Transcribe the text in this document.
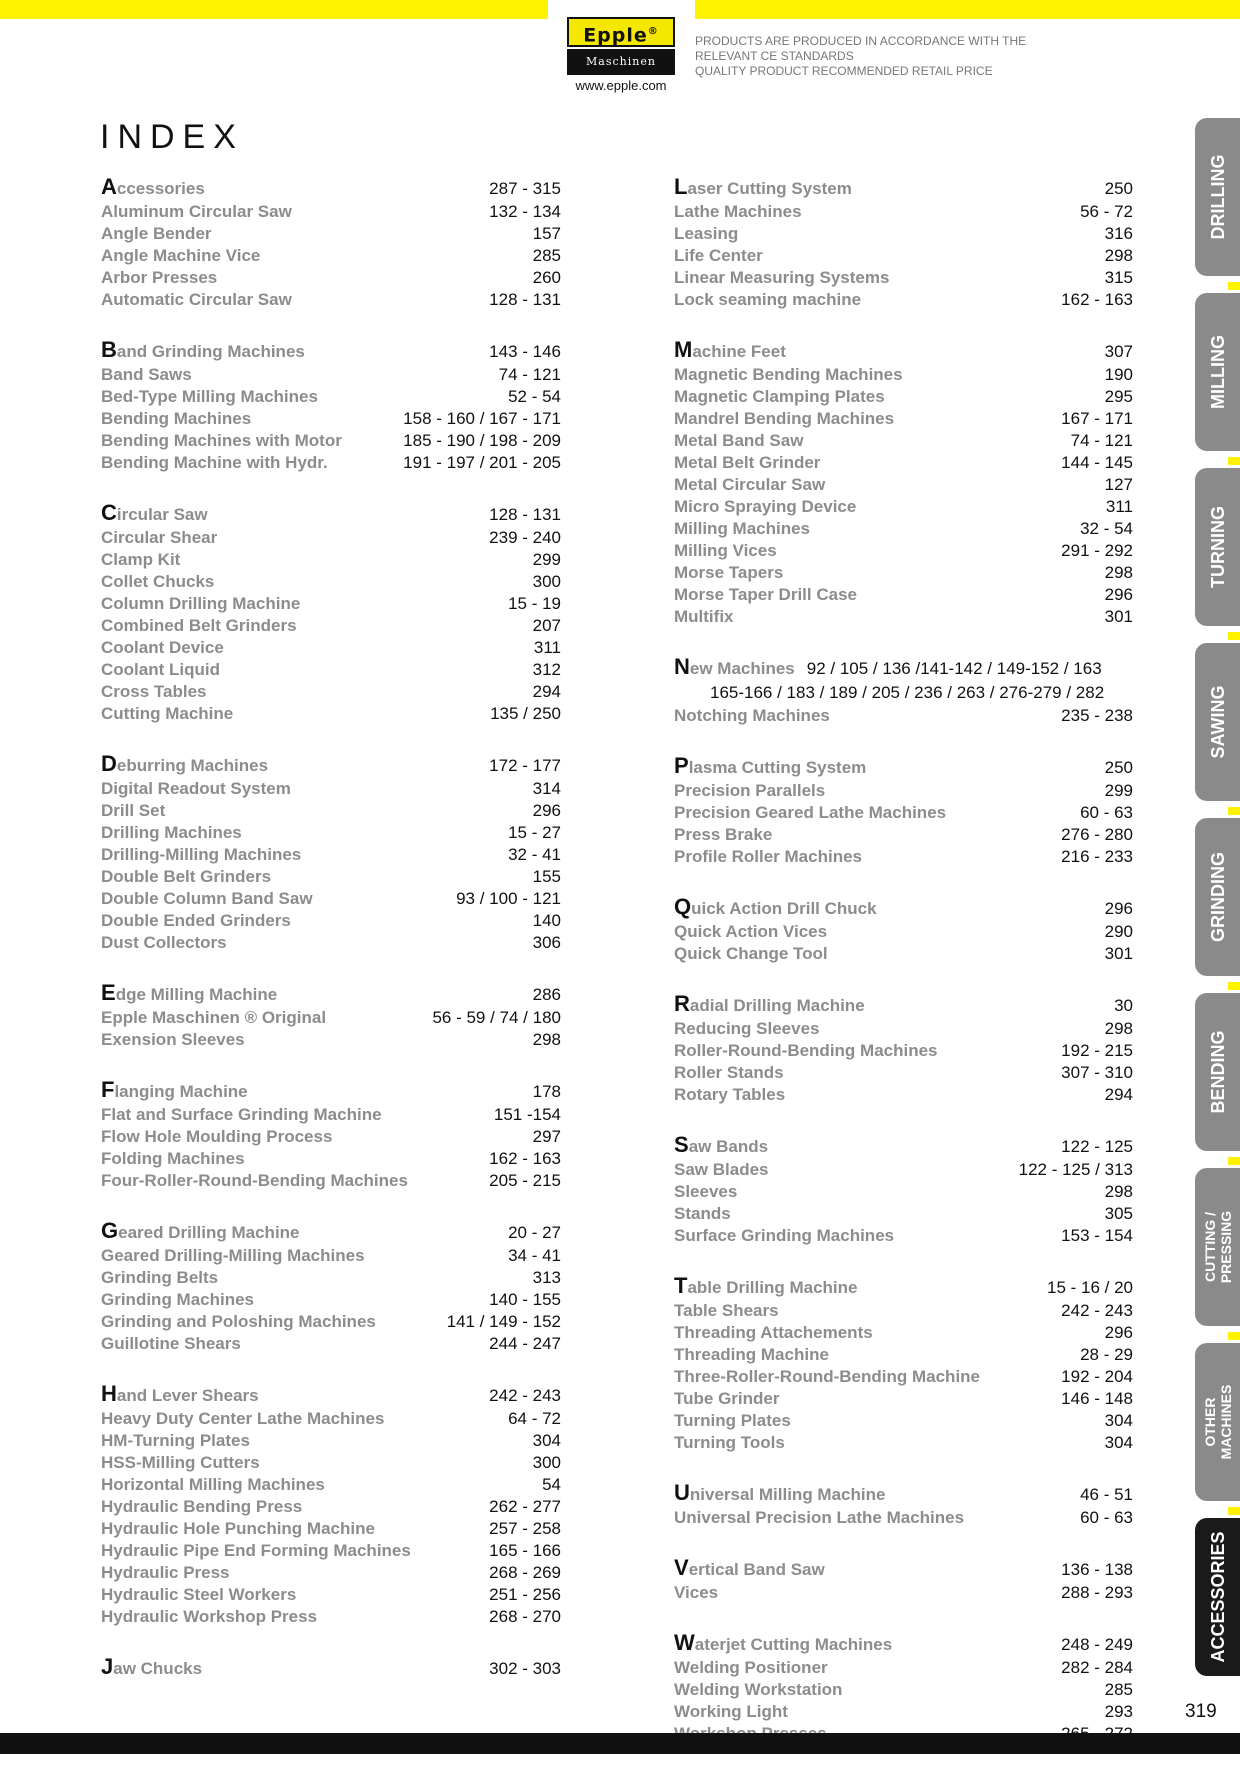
Epple®
Maschinen
www.epple.com
PRODUCTS ARE PRODUCED IN ACCORDANCE WITH THE
RELEVANT CE STANDARDS
QUALITY PRODUCT RECOMMENDED RETAIL PRICE
INDEX
Accessories	287 - 315
Aluminum Circular Saw	132 - 134
Angle Bender	157
Angle Machine Vice	285
Arbor Presses	260
Automatic Circular Saw	128 - 131
Band Grinding Machines	143 - 146
Band Saws	74 - 121
Bed-Type Milling Machines	52 - 54
Bending Machines	158 - 160 / 167 - 171
Bending Machines with Motor	185 - 190 / 198 - 209
Bending Machine with Hydr.	191 - 197 / 201 - 205
Circular Saw	128 - 131
Circular Shear	239 - 240
Clamp Kit	299
Collet Chucks	300
Column Drilling Machine	15 - 19
Combined Belt Grinders	207
Coolant Device	311
Coolant Liquid	312
Cross Tables	294
Cutting Machine	135 / 250
Deburring Machines	172 - 177
Digital Readout System	314
Drill Set	296
Drilling Machines	15 - 27
Drilling-Milling Machines	32 - 41
Double Belt Grinders	155
Double Column Band Saw	93 / 100 - 121
Double Ended Grinders	140
Dust Collectors	306
Edge Milling Machine	286
Epple Maschinen ® Original	56 - 59 / 74 / 180
Exension Sleeves	298
Flanging Machine	178
Flat and Surface Grinding Machine	151 -154
Flow Hole Moulding Process	297
Folding Machines	162 - 163
Four-Roller-Round-Bending Machines	205 - 215
Geared Drilling Machine	20 - 27
Geared Drilling-Milling Machines	34 - 41
Grinding Belts	313
Grinding Machines	140 - 155
Grinding and Poloshing Machines	141 / 149 - 152
Guillotine Shears	244 - 247
Hand Lever Shears	242 - 243
Heavy Duty Center Lathe Machines	64 - 72
HM-Turning Plates	304
HSS-Milling Cutters	300
Horizontal Milling Machines	54
Hydraulic Bending Press	262 - 277
Hydraulic Hole Punching Machine	257 - 258
Hydraulic Pipe End Forming Machines	165 - 166
Hydraulic Press	268 - 269
Hydraulic Steel Workers	251 - 256
Hydraulic Workshop Press	268 - 270
Jaw Chucks	302 - 303
Laser Cutting System	250
Lathe Machines	56 - 72
Leasing	316
Life Center	298
Linear Measuring Systems	315
Lock seaming machine	162 - 163
Machine Feet	307
Magnetic Bending Machines	190
Magnetic Clamping Plates	295
Mandrel Bending Machines	167 - 171
Metal Band Saw	74 - 121
Metal Belt Grinder	144 - 145
Metal Circular Saw	127
Micro Spraying Device	311
Milling Machines	32 - 54
Milling Vices	291 - 292
Morse Tapers	298
Morse Taper Drill Case	296
Multifix	301
New Machines 92 / 105 / 136 /141-142 / 149-152 / 163
165-166 / 183 / 189 / 205 / 236 / 263 / 276-279 / 282
Notching Machines	235 - 238
Plasma Cutting System	250
Precision Parallels	299
Precision Geared Lathe Machines	60 - 63
Press Brake	276 - 280
Profile Roller Machines	216 - 233
Quick Action Drill Chuck	296
Quick Action Vices	290
Quick Change Tool	301
Radial Drilling Machine	30
Reducing Sleeves	298
Roller-Round-Bending Machines	192 - 215
Roller Stands	307 - 310
Rotary Tables	294
Saw Bands	122 - 125
Saw Blades	122 - 125 / 313
Sleeves	298
Stands	305
Surface Grinding Machines	153 - 154
Table Drilling Machine	15 - 16 / 20
Table Shears	242 - 243
Threading Attachements	296
Threading Machine	28 - 29
Three-Roller-Round-Bending Machine	192 - 204
Tube Grinder	146 - 148
Turning Plates	304
Turning Tools	304
Universal Milling Machine	46 - 51
Universal Precision Lathe Machines	60 - 63
Vertical Band Saw	136 - 138
Vices	288 - 293
Waterjet Cutting Machines	248 - 249
Welding Positioner	282 - 284
Welding Workstation	285
Working Light	293
DRILLING
MILLING
TURNING
SAWING
GRINDING
BENDING
CUTTING / PRESSING
OTHER MACHINES
ACCESSORIES
319
